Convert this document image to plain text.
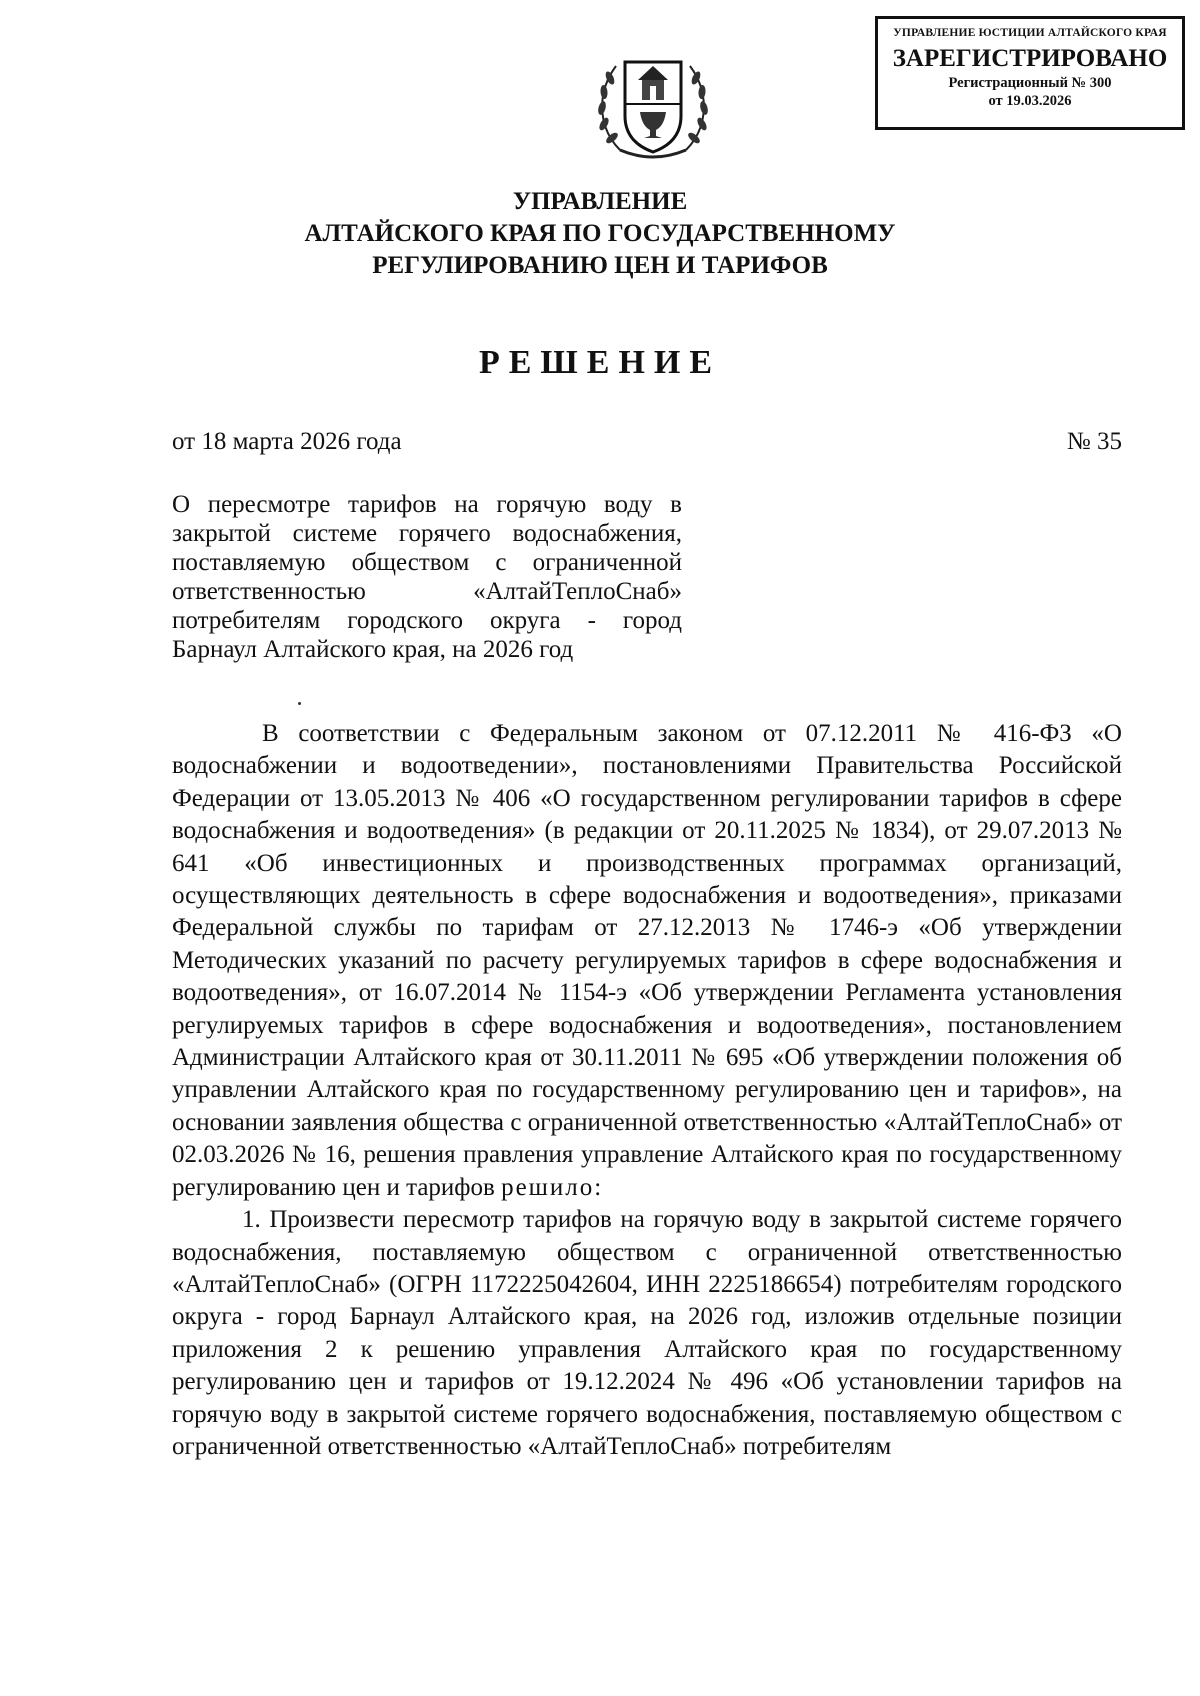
УПРАВЛЕНИЕ ЮСТИЦИИ АЛТАЙСКОГО КРАЯ
ЗАРЕГИСТРИРОВАНО
Регистрационный № 300
от 19.03.2026
УПРАВЛЕНИЕ
АЛТАЙСКОГО КРАЯ ПО ГОСУДАРСТВЕННОМУ
РЕГУЛИРОВАНИЮ ЦЕН И ТАРИФОВ
РЕШЕНИЕ
от 18 марта 2026 года	№ 35
О пересмотре тарифов на горячую воду в закрытой системе горячего водоснабжения, поставляемую обществом с ограниченной ответственностью «АлтайТеплоСнаб» потребителям городского округа - город Барнаул Алтайского края, на 2026 год

В соответствии с Федеральным законом от 07.12.2011 № 416-ФЗ «О водоснабжении и водоотведении», постановлениями Правительства Российской Федерации от 13.05.2013 № 406 «О государственном регулировании тарифов в сфере водоснабжения и водоотведения» (в редакции от 20.11.2025 № 1834), от 29.07.2013 № 641 «Об инвестиционных и производственных программах организаций, осуществляющих деятельность в сфере водоснабжения и водоотведения», приказами Федеральной службы по тарифам от 27.12.2013 № 1746-э «Об утверждении Методических указаний по расчету регулируемых тарифов в сфере водоснабжения и водоотведения», от 16.07.2014 № 1154-э «Об утверждении Регламента установления регулируемых тарифов в сфере водоснабжения и водоотведения», постановлением Администрации Алтайского края от 30.11.2011 № 695 «Об утверждении положения об управлении Алтайского края по государственному регулированию цен и тарифов», на основании заявления общества с ограниченной ответственностью «АлтайТеплоСнаб» от 02.03.2026 № 16, решения правления управление Алтайского края по государственному регулированию цен и тарифов решило:

1. Произвести пересмотр тарифов на горячую воду в закрытой системе горячего водоснабжения, поставляемую обществом с ограниченной ответственностью «АлтайТеплоСнаб» (ОГРН 1172225042604, ИНН 2225186654) потребителям городского округа - город Барнаул Алтайского края, на 2026 год, изложив отдельные позиции приложения 2 к решению управления Алтайского края по государственному регулированию цен и тарифов от 19.12.2024 № 496 «Об установлении тарифов на горячую воду в закрытой системе горячего водоснабжения, поставляемую обществом с ограниченной ответственностью «АлтайТеплоСнаб» потребителям
